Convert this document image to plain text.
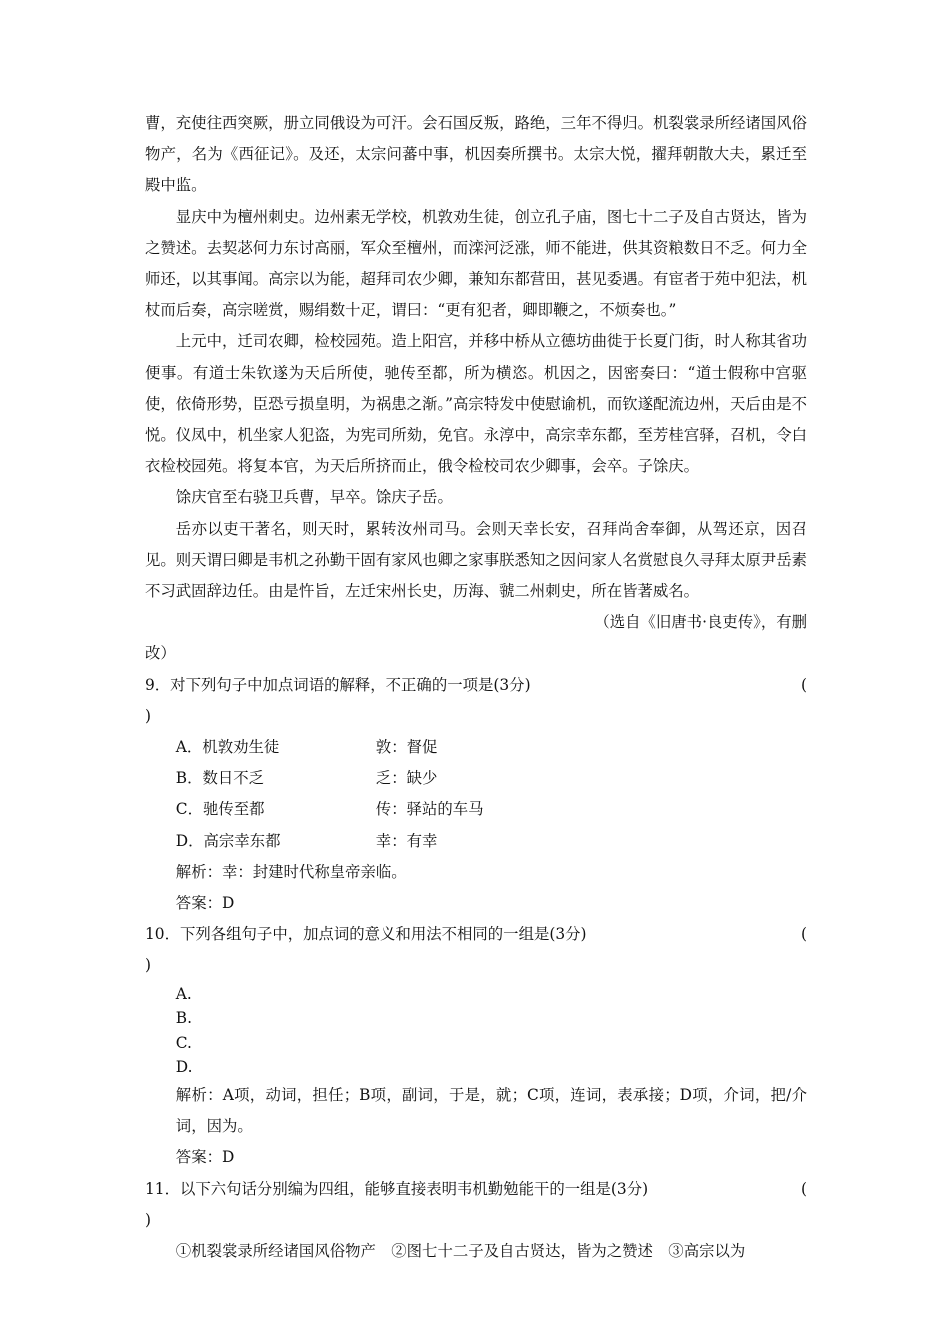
曹，充使往西突厥，册立同俄设为可汗。会石国反叛，路绝，三年不得归。机裂裳录所经诸国风俗物产，名为《西征记》。及还，太宗问蕃中事，机因奏所撰书。太宗大悦，擢拜朝散大夫，累迁至殿中监。

显庆中为檀州刺史。边州素无学校，机敦劝生徒，创立孔子庙，图七十二子及自古贤达，皆为之赞述。去契苾何力东讨高丽，军众至檀州，而滦河泛涨，师不能进，供其资粮数日不乏。何力全师还，以其事闻。高宗以为能，超拜司农少卿，兼知东都营田，甚见委遇。有宦者于苑中犯法，机杖而后奏，高宗嗟赏，赐绢数十疋，谓曰：“更有犯者，卿即鞭之，不烦奏也。”

上元中，迁司农卿，检校园苑。造上阳宫，并移中桥从立德坊曲徙于长夏门街，时人称其省功便事。有道士朱钦遂为天后所使，驰传至都，所为横恣。机因之，因密奏曰：“道士假称中宫驱使，依倚形势，臣恐亏损皇明，为祸患之渐。”高宗特发中使慰谕机，而钦遂配流边州，天后由是不悦。仪凤中，机坐家人犯盗，为宪司所劾，免官。永淳中，高宗幸东都，至芳桂宫驿，召机，令白衣检校园苑。将复本官，为天后所挤而止，俄令检校司农少卿事，会卒。子馀庆。

馀庆官至右骁卫兵曹，早卒。馀庆子岳。

岳亦以吏干著名，则天时，累转汝州司马。会则天幸长安，召拜尚舍奉御，从驾还京，因召见。则天谓曰卿是韦机之孙勤干固有家风也卿之家事朕悉知之因问家人名赏慰良久寻拜太原尹岳素不习武固辞边任。由是忤旨，左迁宋州长史，历海、虢二州刺史，所在皆著威名。

（选自《旧唐书·良吏传》，有删

改）

9．对下列句子中加点词语的解释，不正确的一项是(3分)	(

)

A．机敦劝生徒	敦：督促
B．数日不乏	乏：缺少
C．驰传至都	传：驿站的车马
D．高宗幸东都	幸：有幸

解析：幸：封建时代称皇帝亲临。

答案：D

10．下列各组句子中，加点词的意义和用法不相同的一组是(3分)	(

)

A.

B.

C.

D.

解析：A项，动词，担任；B项，副词，于是，就；C项，连词，表承接；D项，介词，把/介词，因为。

答案：D

11．以下六句话分别编为四组，能够直接表明韦机勤勉能干的一组是(3分)	(

)

①机裂裳录所经诸国风俗物产　②图七十二子及自古贤达，皆为之赞述　③高宗以为
